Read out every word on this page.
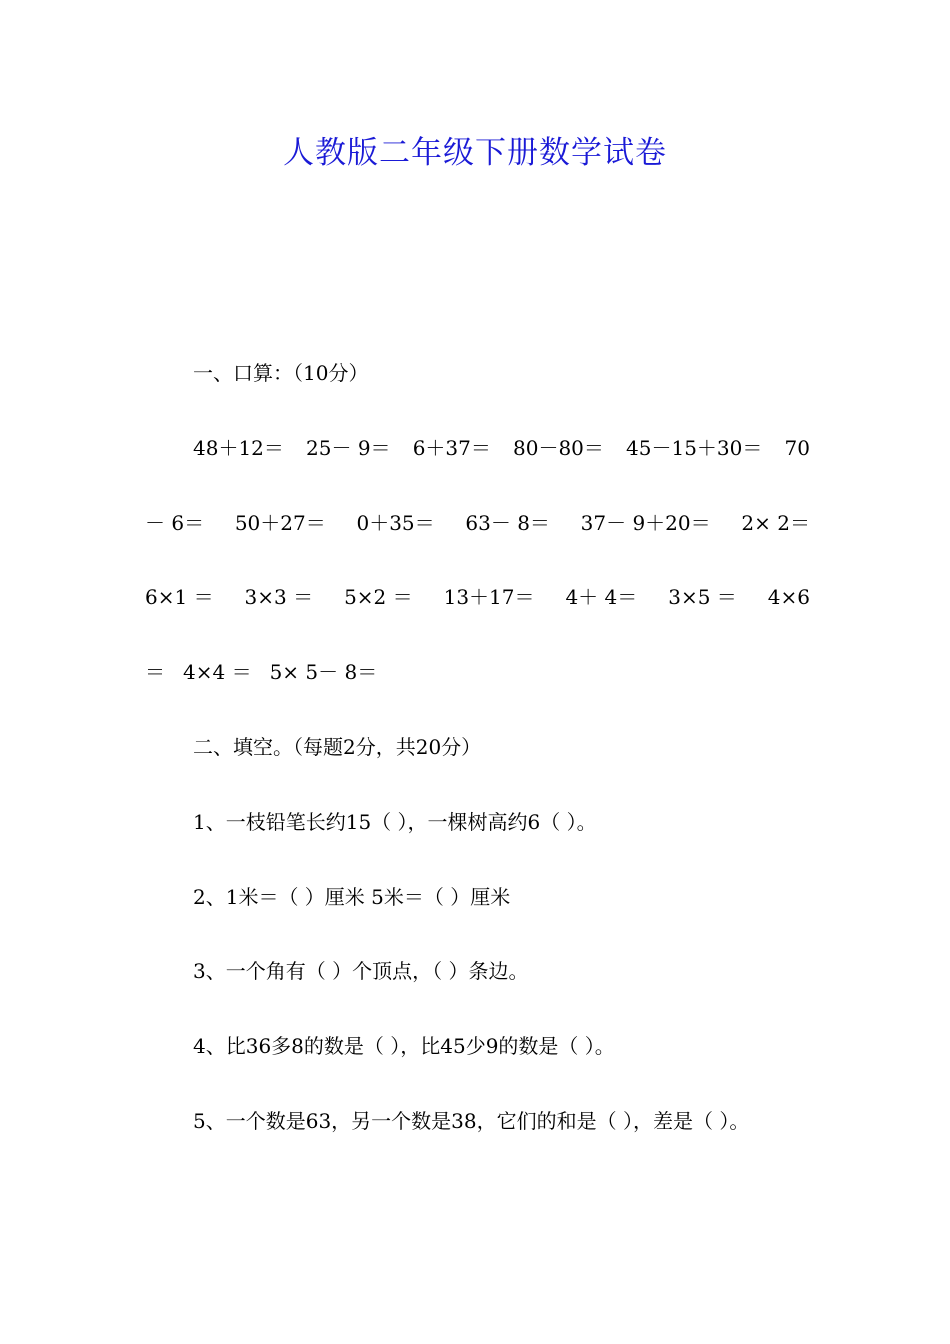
人教版二年级下册数学试卷

一、口算：（10分）

48＋12＝ 25－ 9＝ 6＋37＝ 80－80＝ 45－15＋30＝ 70
－ 6＝ 50＋27＝ 0＋35＝ 63－ 8＝ 37－ 9＋20＝ 2× 2＝
6×1 ＝ 3×3 ＝ 5×2 ＝ 13＋17＝ 4＋ 4＝ 3×5 ＝ 4×6
＝ 4×4 ＝ 5× 5－ 8＝

二、填空。（每题2分，共20分）

1、一枝铅笔长约15（ ），一棵树高约6（ ）。

2、1米＝（ ）厘米 5米＝（ ）厘米

3、一个角有（ ）个顶点，（ ）条边。

4、比36多8的数是（ ），比45少9的数是（ ）。

5、一个数是63，另一个数是38，它们的和是（ ），差是（ ）。
